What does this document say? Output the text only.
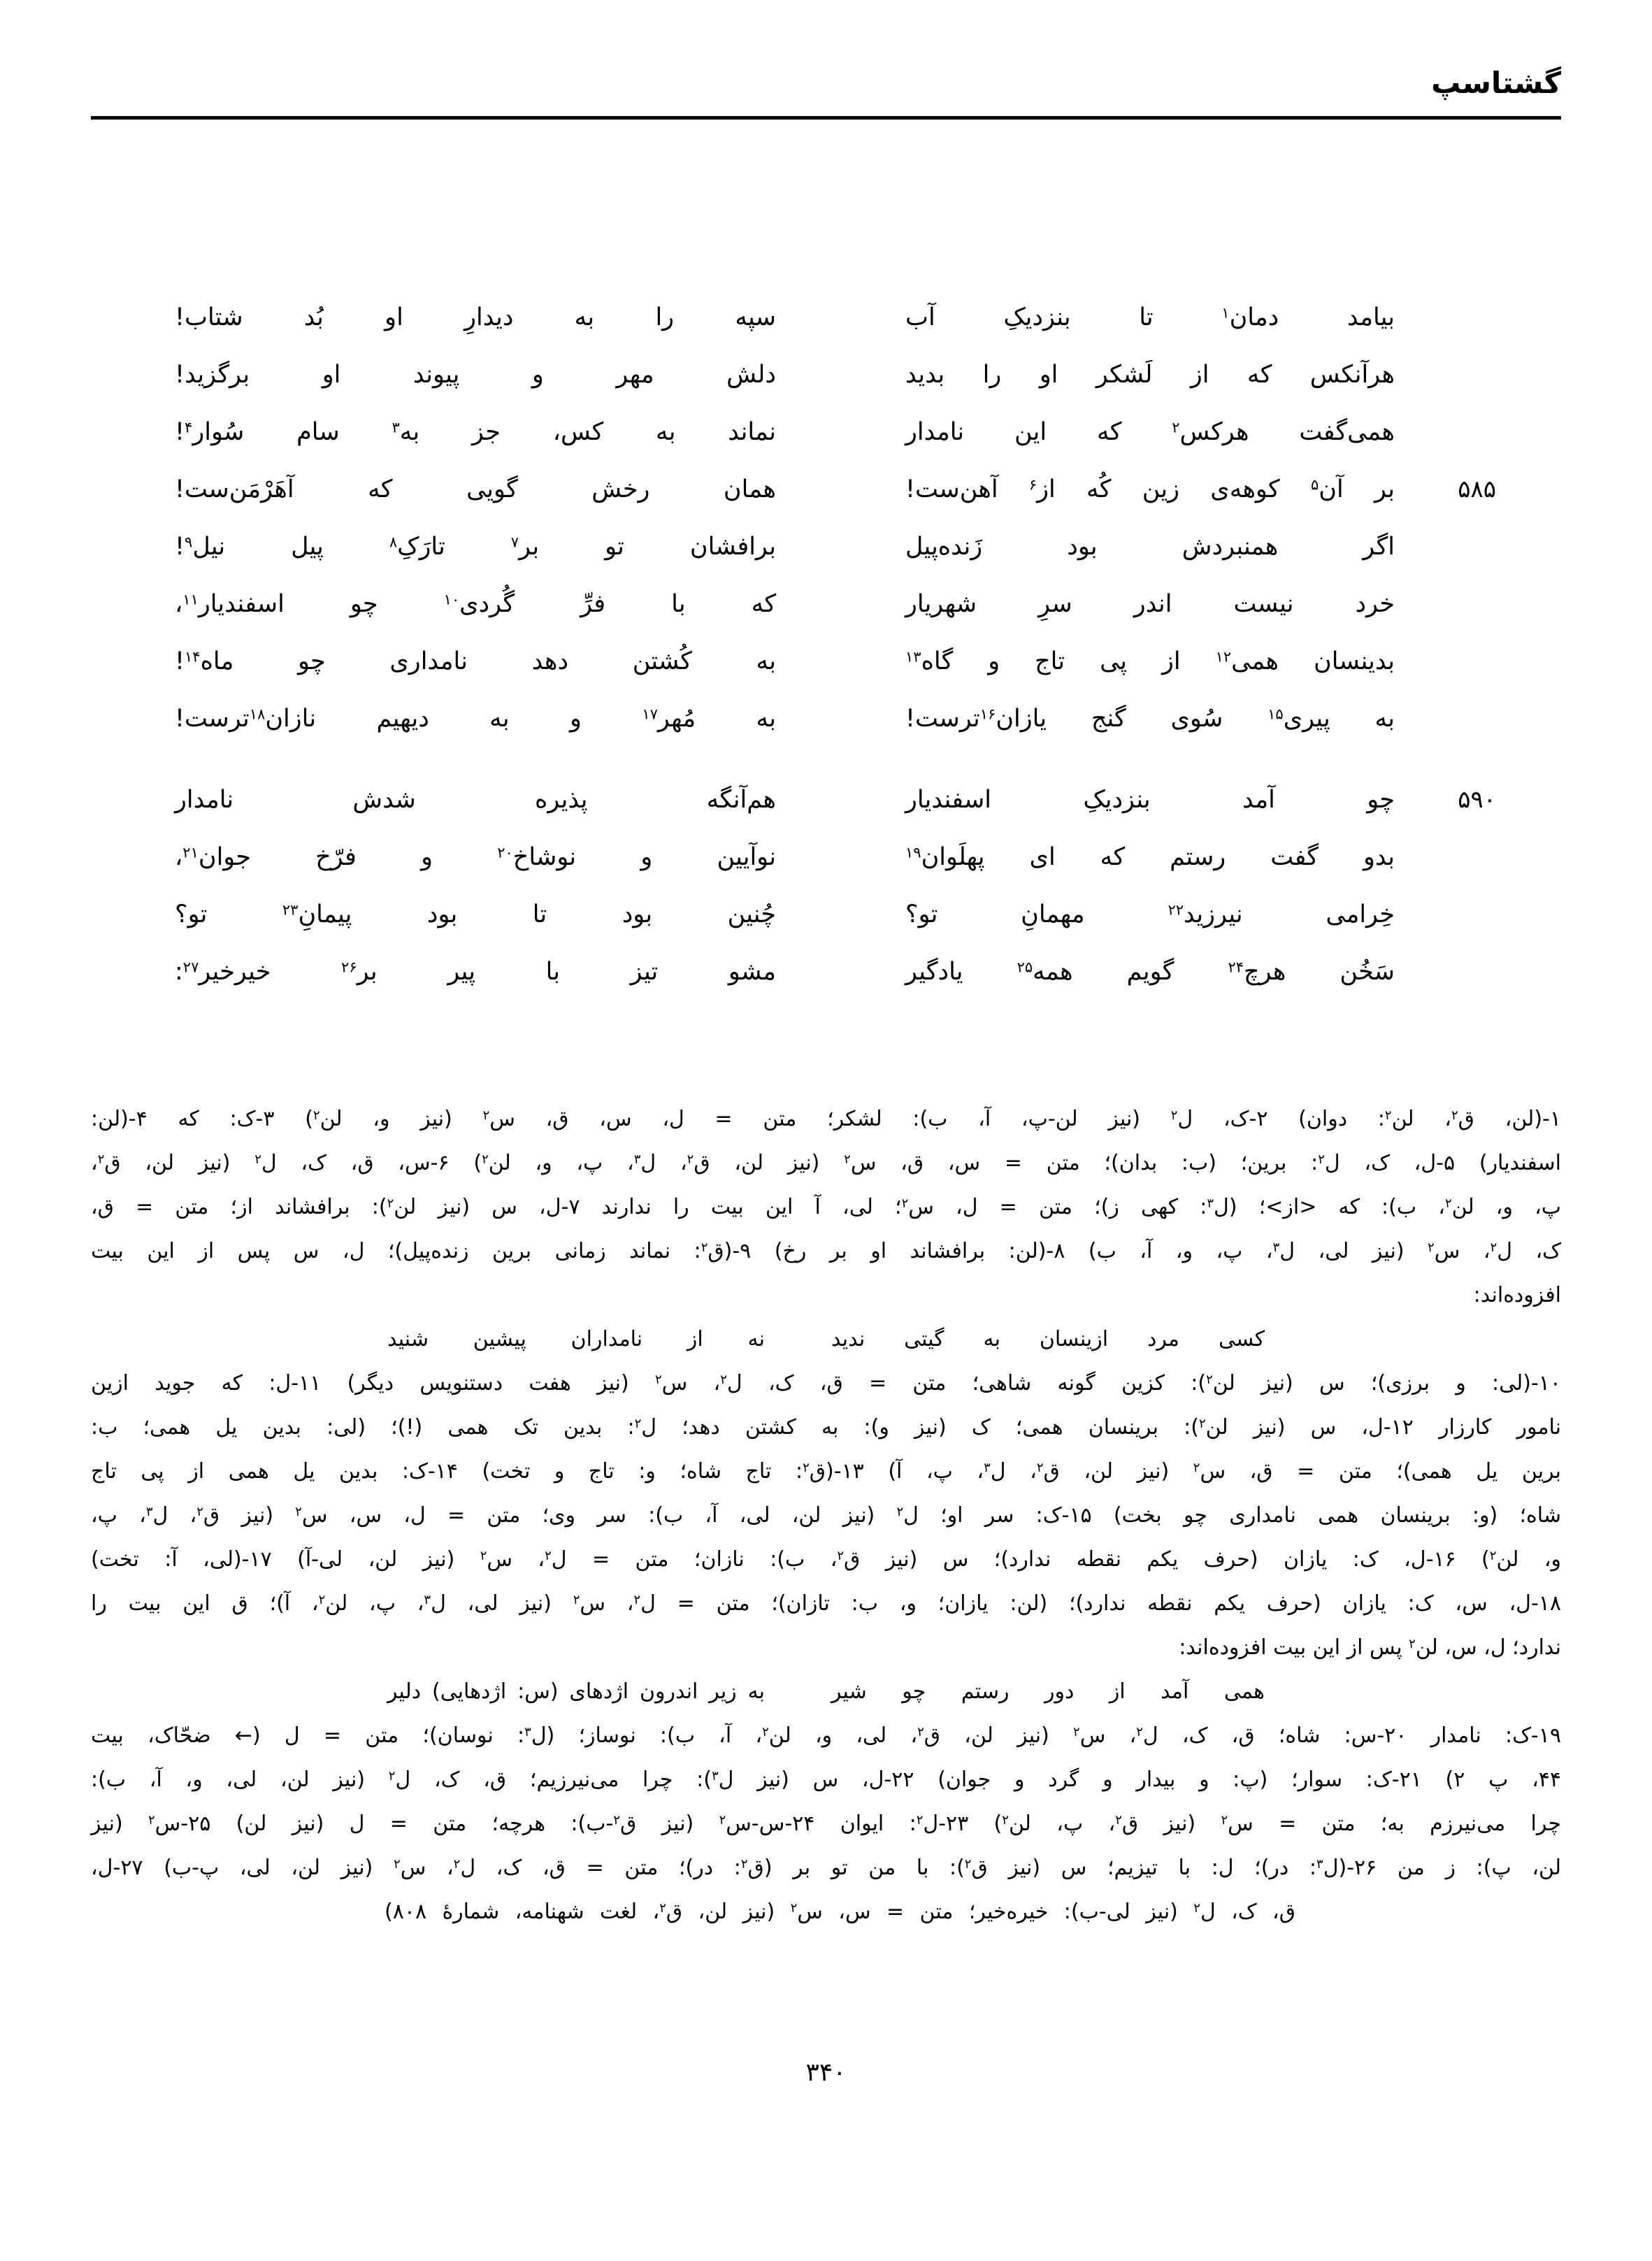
گشتاسپ
بیامد دمان$^۱$ تا بنزدیکِ آب
سپه را به دیدارِ او بُد شتاب!
هرآنکس که از لَشکر او را بدید
دلش مهر و پیوند او برگزید!
همی‌گفت هرکس$^۲$ که این نامدار
نماند به کس، جز به$^۳$ سام سُوار$^۴$!
۵۸۵
بر آن$^۵$ کوهه‌ی زین کُه از$^۶$ آهن‌ست!
همان رخش گویی که آهَرْمَن‌ست!
اگر همنبردش بود زَنده‌پیل
برافشان تو بر$^۷$ تارَکِ$^۸$ پیل نیل$^۹$!
خرد نیست اندر سرِ شهریار
که با فرِّ گُردی$^{۱۰}$ چو اسفندیار$^{۱۱}$،
بدینسان همی$^{۱۲}$ از پی تاج و گاه$^{۱۳}$
به کُشتن دهد نامداری چو ماه$^{۱۴}$!
به پیری$^{۱۵}$ سُوی گنج یازان$^{۱۶}$ترست!
به مُهر$^{۱۷}$ و به دیهیم نازان$^{۱۸}$ترست!
۵۹۰
چو آمد بنزدیکِ اسفندیار
هم‌آنگه پذیره شدش نامدار
بدو گفت رستم که ای پهلَوان$^{۱۹}$
نوآیین و نوشاخ$^{۲۰}$ و فرّخ جوان$^{۲۱}$،
خِرامی نیرزید$^{۲۲}$ مهمانِ تو؟
چُنین بود تا بود پیمانِ$^{۲۳}$ تو؟
سَخُن هرچ$^{۲۴}$ گویم همه$^{۲۵}$ یادگیر
مشو تیز با پیر بر$^{۲۶}$ خیرخیر$^{۲۷}$:
۱-(لن، ق$^۲$، لن$^۲$: دوان) ۲-ک، ل$^۲$ (نیز لن-پ، آ، ب): لشکر؛ متن = ل، س، ق، س$^۲$ (نیز و، لن$^۲$) ۳-ک: که ۴-(لن:
اسفندیار) ۵-ل، ک، ل$^۲$: برین؛ (ب: بدان)؛ متن = س، ق، س$^۲$ (نیز لن، ق$^۲$، ل$^۳$، پ، و، لن$^۲$) ۶-س، ق، ک، ل$^۲$ (نیز لن، ق$^۲$،
پ، و، لن$^۲$، ب): که <از>؛ (ل$^۳$: کهی ز)؛ متن = ل، س$^۲$؛ لی، آ این بیت را ندارند ۷-ل، س (نیز لن$^۲$): برافشاند از؛ متن = ق،
ک، ل$^۲$، س$^۲$ (نیز لی، ل$^۳$، پ، و، آ، ب) ۸-(لن: برافشاند او بر رخ) ۹-(ق$^۲$: نماند زمانی برین زنده‌پیل)؛ ل، س پس از این بیت
افزوده‌اند:
کسی مرد ازینسان به گیتی ندید
نه از نامداران پیشین شنید
۱۰-(لی: و برزی)؛ س (نیز لن$^۲$): کزین گونه شاهی؛ متن = ق، ک، ل$^۲$، س$^۲$ (نیز هفت دستنویس دیگر) ۱۱-ل: که جوید ازین
نامور کارزار ۱۲-ل، س (نیز لن$^۲$): برینسان همی؛ ک (نیز و): به کشتن دهد؛ ل$^۲$: بدین تک همی (!)؛ (لی: بدین یل همی؛ ب:
برین یل همی)؛ متن = ق، س$^۲$ (نیز لن، ق$^۲$، ل$^۳$، پ، آ) ۱۳-(ق$^۲$: تاج شاه؛ و: تاج و تخت) ۱۴-ک: بدین یل همی از پی تاج
شاه؛ (و: برینسان همی نامداری چو بخت) ۱۵-ک: سر او؛ ل$^۲$ (نیز لن، لی، آ، ب): سر وی؛ متن = ل، س، س$^۲$ (نیز ق$^۲$، ل$^۳$، پ،
و، لن$^۲$) ۱۶-ل، ک: یازان (حرف یکم نقطه ندارد)؛ س (نیز ق$^۲$، ب): نازان؛ متن = ل$^۲$، س$^۲$ (نیز لن، لی-آ) ۱۷-(لی، آ: تخت)
۱۸-ل، س، ک: یازان (حرف یکم نقطه ندارد)؛ (لن: یازان؛ و، ب: تازان)؛ متن = ل$^۲$، س$^۲$ (نیز لی، ل$^۳$، پ، لن$^۲$، آ)؛ ق این بیت را
ندارد؛ ل، س، لن$^۲$ پس از این بیت افزوده‌اند:
همی آمد از دور رستم چو شیر
به زیر اندرون اژدهای (س: اژدهایی) دلیر
۱۹-ک: نامدار ۲۰-س: شاه؛ ق، ک، ل$^۲$، س$^۲$ (نیز لن، ق$^۲$، لی، و، لن$^۲$، آ، ب): نوساز؛ (ل$^۳$: نوسان)؛ متن = ل (← ضحّاک، بیت
۴۴، پ ۲) ۲۱-ک: سوار؛ (پ: و بیدار و گرد و جوان) ۲۲-ل، س (نیز ل$^۳$): چرا می‌نیرزیم؛ ق، ک، ل$^۲$ (نیز لن، لی، و، آ، ب):
چرا می‌نیرزم به؛ متن = س$^۲$ (نیز ق$^۲$، پ، لن$^۲$) ۲۳-ل$^۲$: ایوان ۲۴-س-س$^۲$ (نیز ق$^۲$-ب): هرچه؛ متن = ل (نیز لن) ۲۵-س$^۲$ (نیز
لن، پ): ز من ۲۶-(ل$^۳$: در)؛ ل: با تیزیم؛ س (نیز ق$^۲$): با من تو بر (ق$^۲$: در)؛ متن = ق، ک، ل$^۲$، س$^۲$ (نیز لن، لی، پ-ب) ۲۷-ل،
ق، ک، ل$^۲$ (نیز لی-ب): خیره‌خیر؛ متن = س، س$^۲$ (نیز لن، ق$^۲$، لغت شهنامه، شمارهٔ ۸۰۸)
۳۴۰
